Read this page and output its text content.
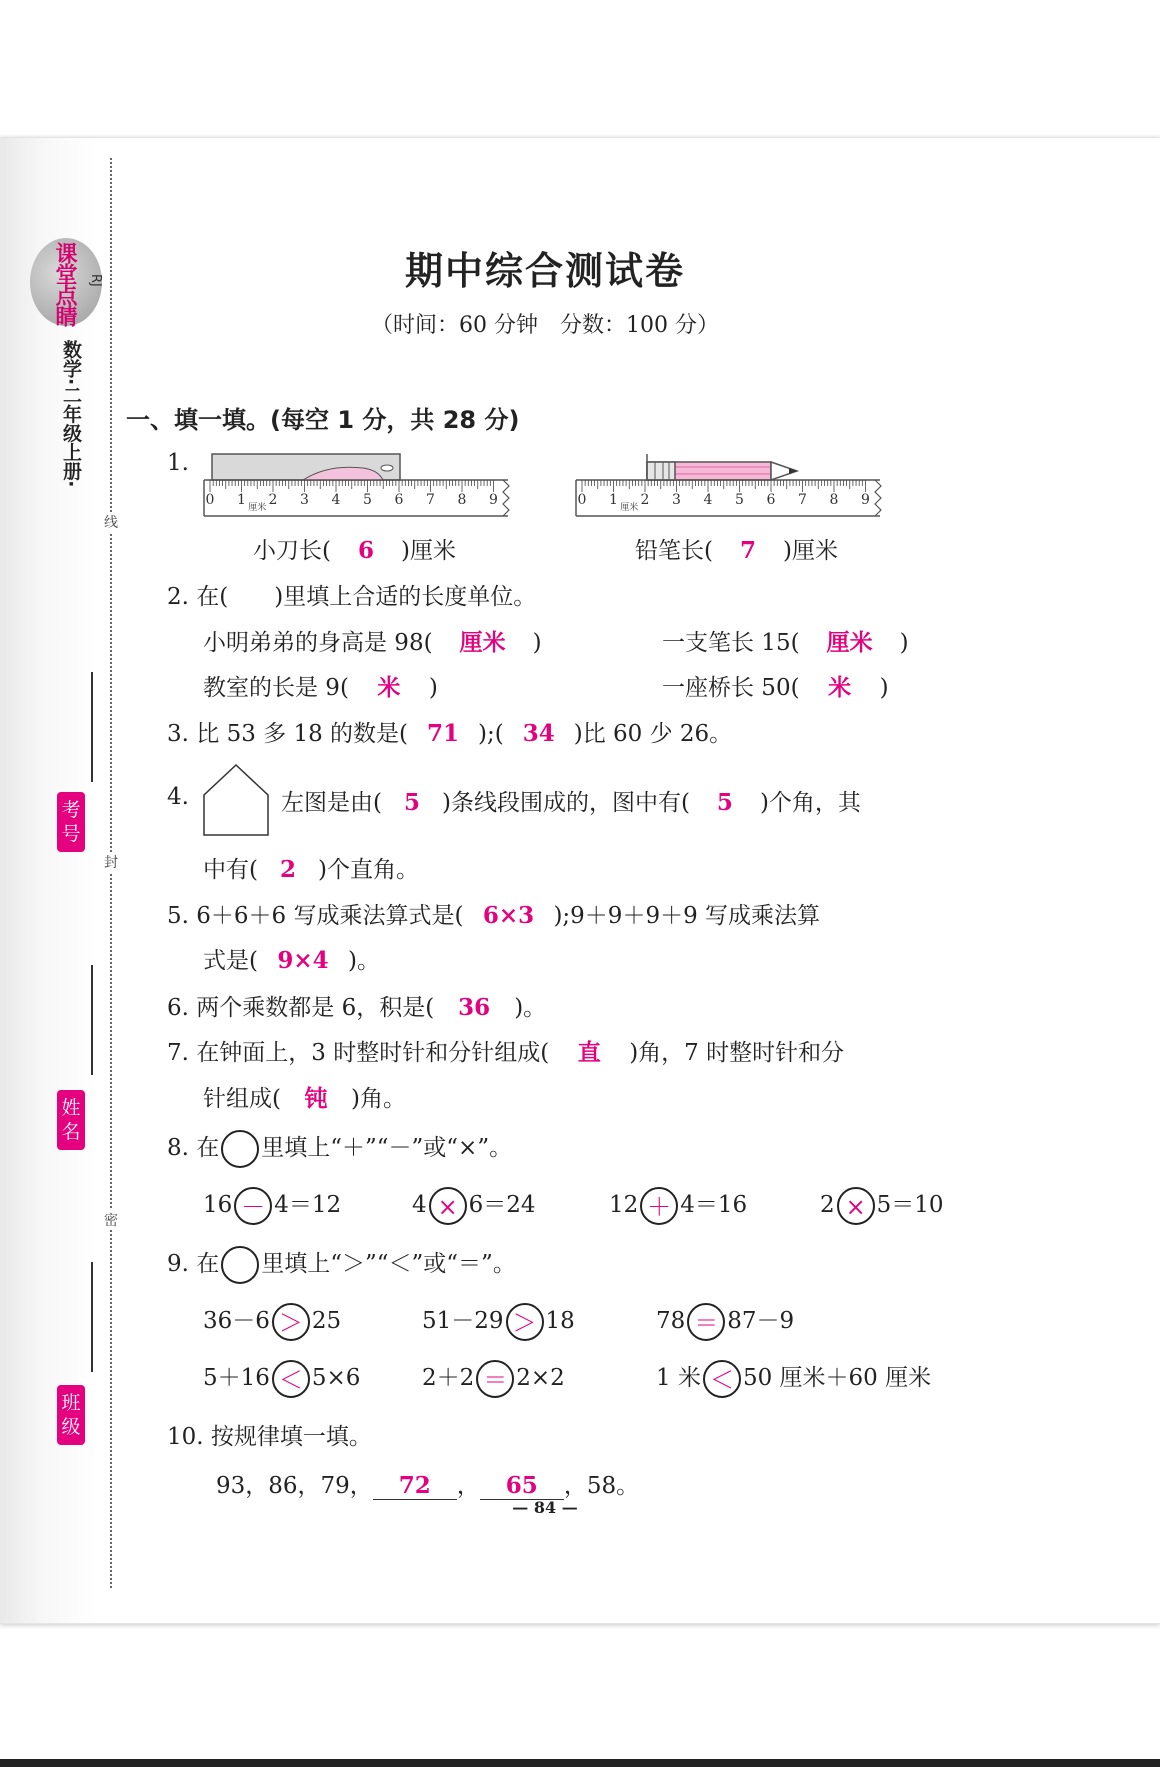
线
封
密
课堂点睛 RJ
数学·二年级上册·
考号
姓名
班级
期中综合测试卷
（时间：60 分钟　分数：100 分）
一、填一填。(每空 1 分，共 28 分)
1.
0 1 2 3 4 5 6 7 8 9
厘米	0 1 2 3 4 5 6 7 8 9
厘米
小刀长( 6 )厘米	铅笔长( 7 )厘米
2. 在(　　)里填上合适的长度单位。
小明弟弟的身高是 98( 厘米 )	一支笔长 15( 厘米 )
教室的长是 9( 米 )	一座桥长 50( 米 )
3. 比 53 多 18 的数是( 71 );( 34 )比 60 少 26。
4.	左图是由( 5 )条线段围成的，图中有( 5 )个角，其
中有( 2 )个直角。
5. 6＋6＋6 写成乘法算式是( 6×3 );9＋9＋9＋9 写成乘法算
式是( 9×4 )。
6. 两个乘数都是 6，积是( 36 )。
7. 在钟面上，3 时整时针和分针组成( 直 )角，7 时整时针和分
针组成( 钝 )角。
8. 在 里填上“＋”“－”或“×”。
16 － 4＝12	4 × 6＝24	12 ＋ 4＝16	2 × 5＝10
9. 在 里填上“＞”“＜”或“＝”。
36－6 ＞ 25	51－29 ＞ 18	78 ＝ 87－9
5＋16 ＜ 5×6	2＋2 ＝ 2×2	1 米 ＜ 50 厘米＋60 厘米
10. 按规律填一填。
93，86，79， 72 ， 65 ，58。
— 84 —
